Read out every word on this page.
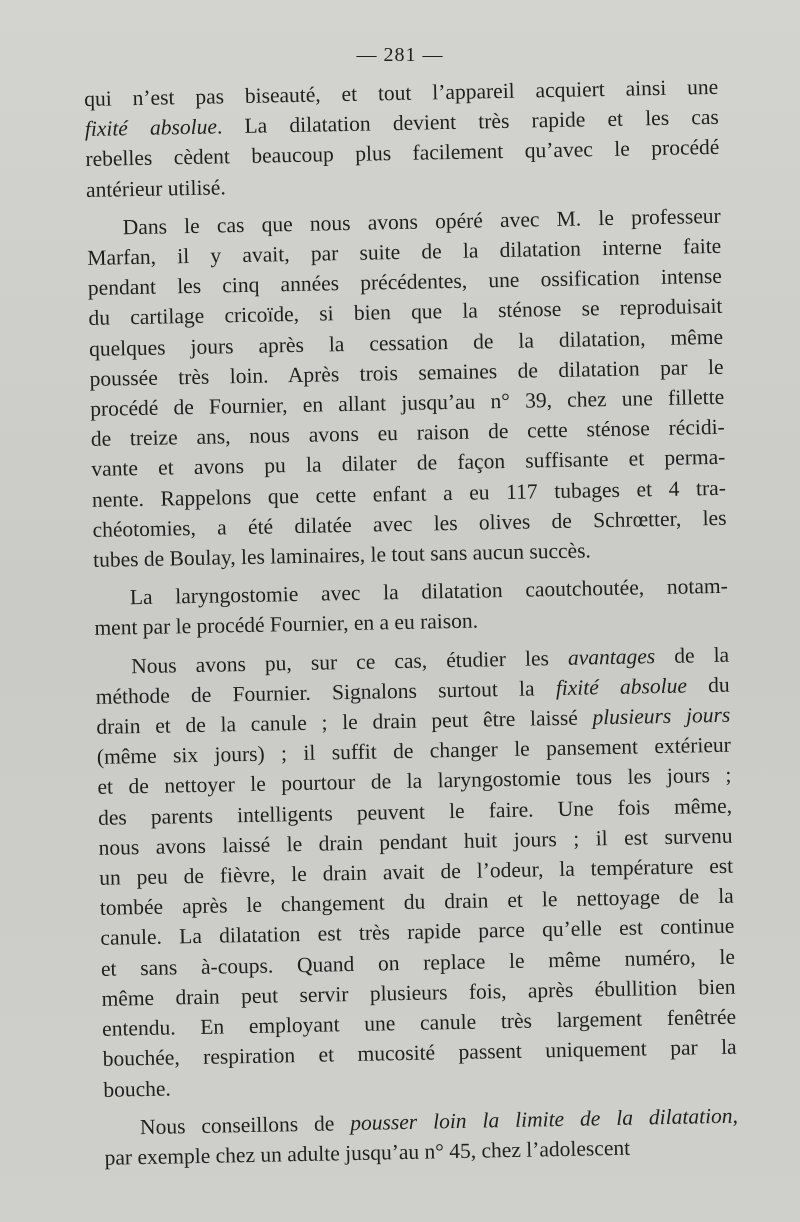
— 281 —
qui n’est pas biseauté, et tout l’appareil acquiert ainsi une
fixité absolue. La dilatation devient très rapide et les cas
rebelles cèdent beaucoup plus facilement qu’avec le procédé
antérieur utilisé.
Dans le cas que nous avons opéré avec M. le professeur
Marfan, il y avait, par suite de la dilatation interne faite
pendant les cinq années précédentes, une ossification intense
du cartilage cricoïde, si bien que la sténose se reproduisait
quelques jours après la cessation de la dilatation, même
poussée très loin. Après trois semaines de dilatation par le
procédé de Fournier, en allant jusqu’au n° 39, chez une fillette
de treize ans, nous avons eu raison de cette sténose récidi-
vante et avons pu la dilater de façon suffisante et perma-
nente. Rappelons que cette enfant a eu 117 tubages et 4 tra-
chéotomies, a été dilatée avec les olives de Schrœtter, les
tubes de Boulay, les laminaires, le tout sans aucun succès.
La laryngostomie avec la dilatation caoutchoutée, notam-
ment par le procédé Fournier, en a eu raison.
Nous avons pu, sur ce cas, étudier les avantages de la
méthode de Fournier. Signalons surtout la fixité absolue du
drain et de la canule ; le drain peut être laissé plusieurs jours
(même six jours) ; il suffit de changer le pansement extérieur
et de nettoyer le pourtour de la laryngostomie tous les jours ;
des parents intelligents peuvent le faire. Une fois même,
nous avons laissé le drain pendant huit jours ; il est survenu
un peu de fièvre, le drain avait de l’odeur, la température est
tombée après le changement du drain et le nettoyage de la
canule. La dilatation est très rapide parce qu’elle est continue
et sans à-coups. Quand on replace le même numéro, le
même drain peut servir plusieurs fois, après ébullition bien
entendu. En employant une canule très largement fenêtrée
bouchée, respiration et mucosité passent uniquement par la
bouche.
Nous conseillons de pousser loin la limite de la dilatation,
par exemple chez un adulte jusqu’au n° 45, chez l’adolescent
